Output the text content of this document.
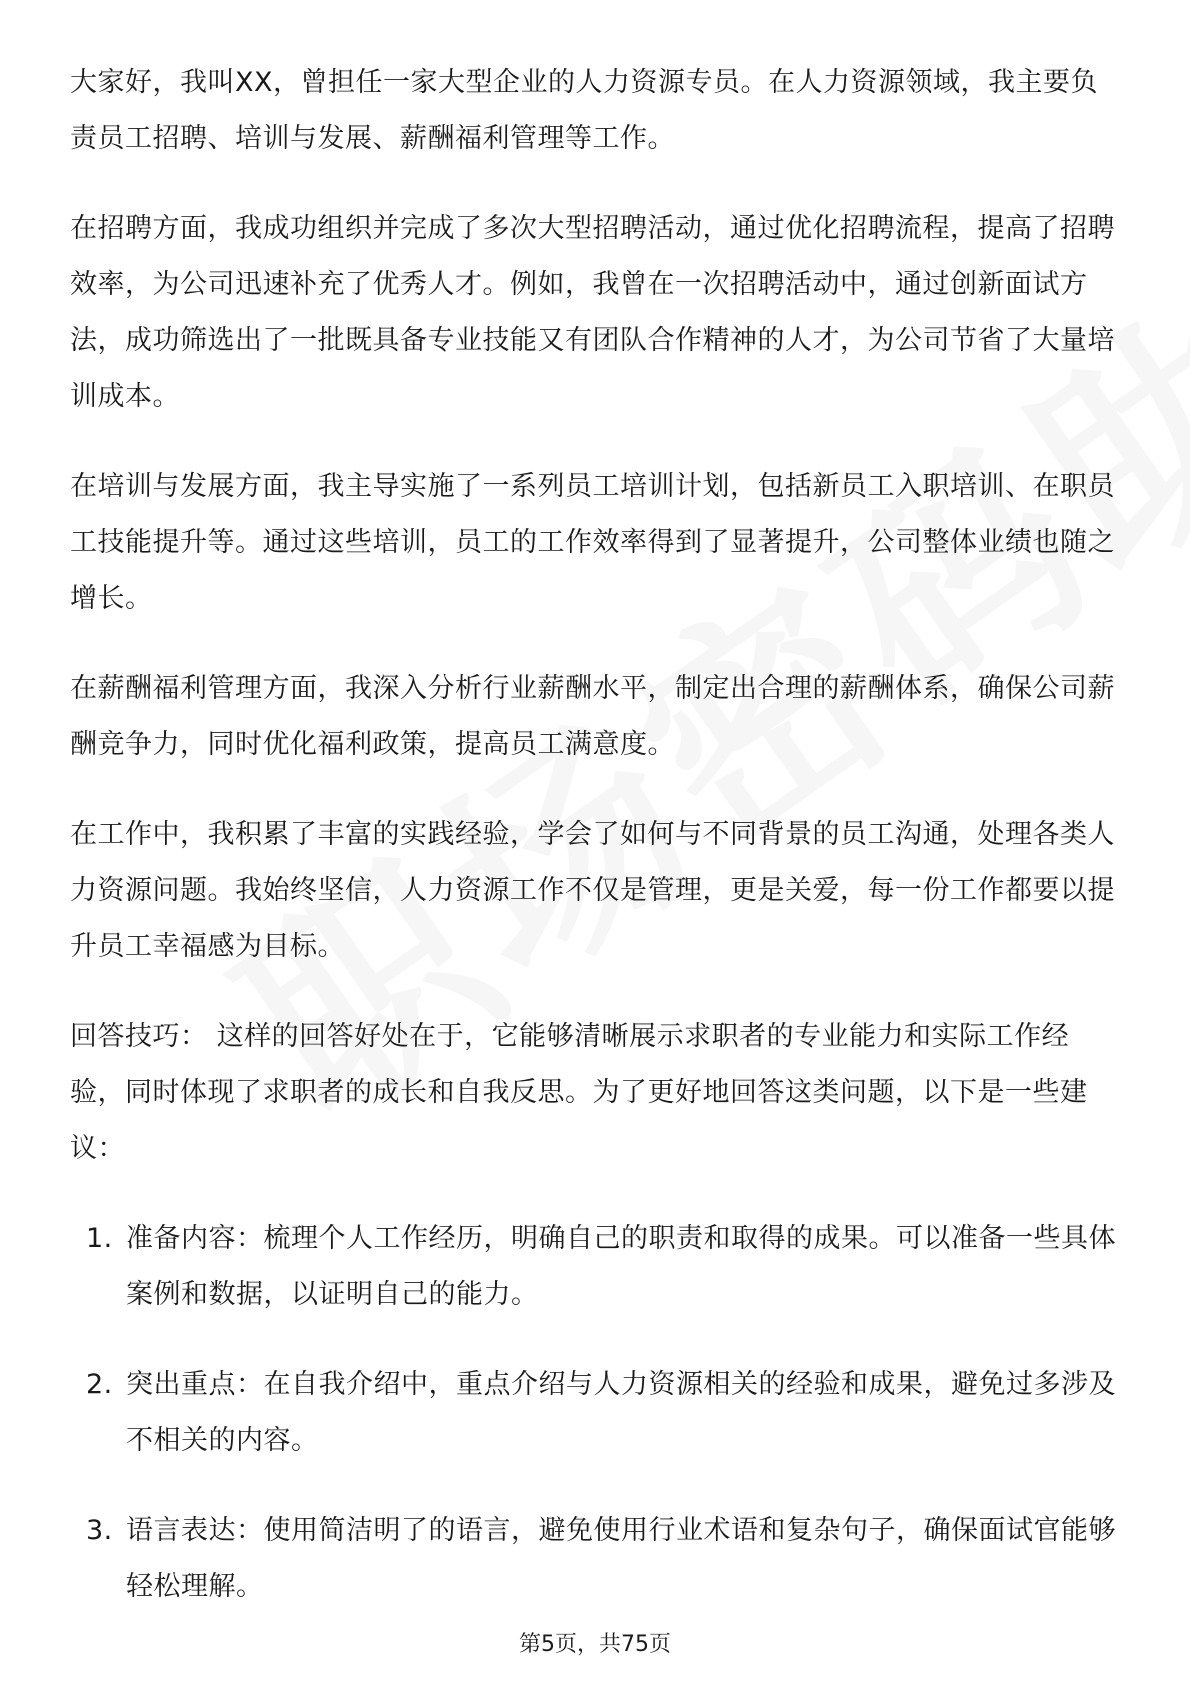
大家好，我叫XX，曾担任一家大型企业的人力资源专员。在人力资源领域，我主要负责员工招聘、培训与发展、薪酬福利管理等工作。

在招聘方面，我成功组织并完成了多次大型招聘活动，通过优化招聘流程，提高了招聘效率，为公司迅速补充了优秀人才。例如，我曾在一次招聘活动中，通过创新面试方法，成功筛选出了一批既具备专业技能又有团队合作精神的人才，为公司节省了大量培训成本。

在培训与发展方面，我主导实施了一系列员工培训计划，包括新员工入职培训、在职员工技能提升等。通过这些培训，员工的工作效率得到了显著提升，公司整体业绩也随之增长。

在薪酬福利管理方面，我深入分析行业薪酬水平，制定出合理的薪酬体系，确保公司薪酬竞争力，同时优化福利政策，提高员工满意度。

在工作中，我积累了丰富的实践经验，学会了如何与不同背景的员工沟通，处理各类人力资源问题。我始终坚信，人力资源工作不仅是管理，更是关爱，每一份工作都要以提升员工幸福感为目标。

回答技巧： 这样的回答好处在于，它能够清晰展示求职者的专业能力和实际工作经验，同时体现了求职者的成长和自我反思。为了更好地回答这类问题，以下是一些建议：

1. 准备内容：梳理个人工作经历，明确自己的职责和取得的成果。可以准备一些具体案例和数据，以证明自己的能力。
2. 突出重点：在自我介绍中，重点介绍与人力资源相关的经验和成果，避免过多涉及不相关的内容。
3. 语言表达：使用简洁明了的语言，避免使用行业术语和复杂句子，确保面试官能够轻松理解。
第5页，共75页
